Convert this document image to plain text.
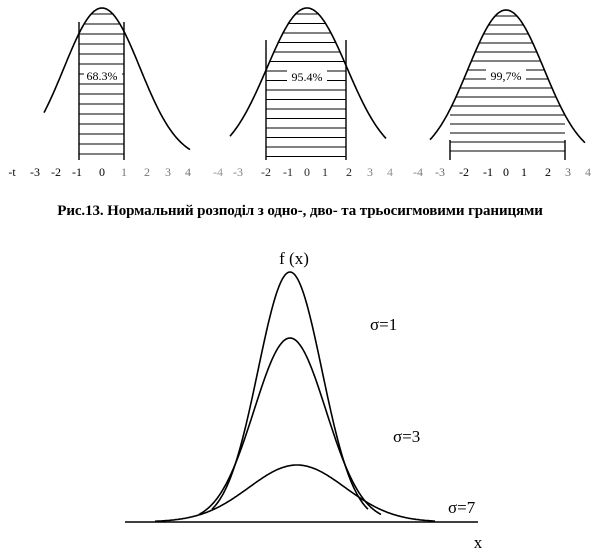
68.3%
-t -3 -2 -1 0 1 2 3 4
95.4%
-4 -3 -2 -1 0 1 2 3 4
99,7%
-4 -3 -2 -1 0 1 2 3 4
f (x)
x
σ=1
σ=3
σ=7
Рис.13. Нормальний розподіл з одно-, дво- та трьосигмовими границями
